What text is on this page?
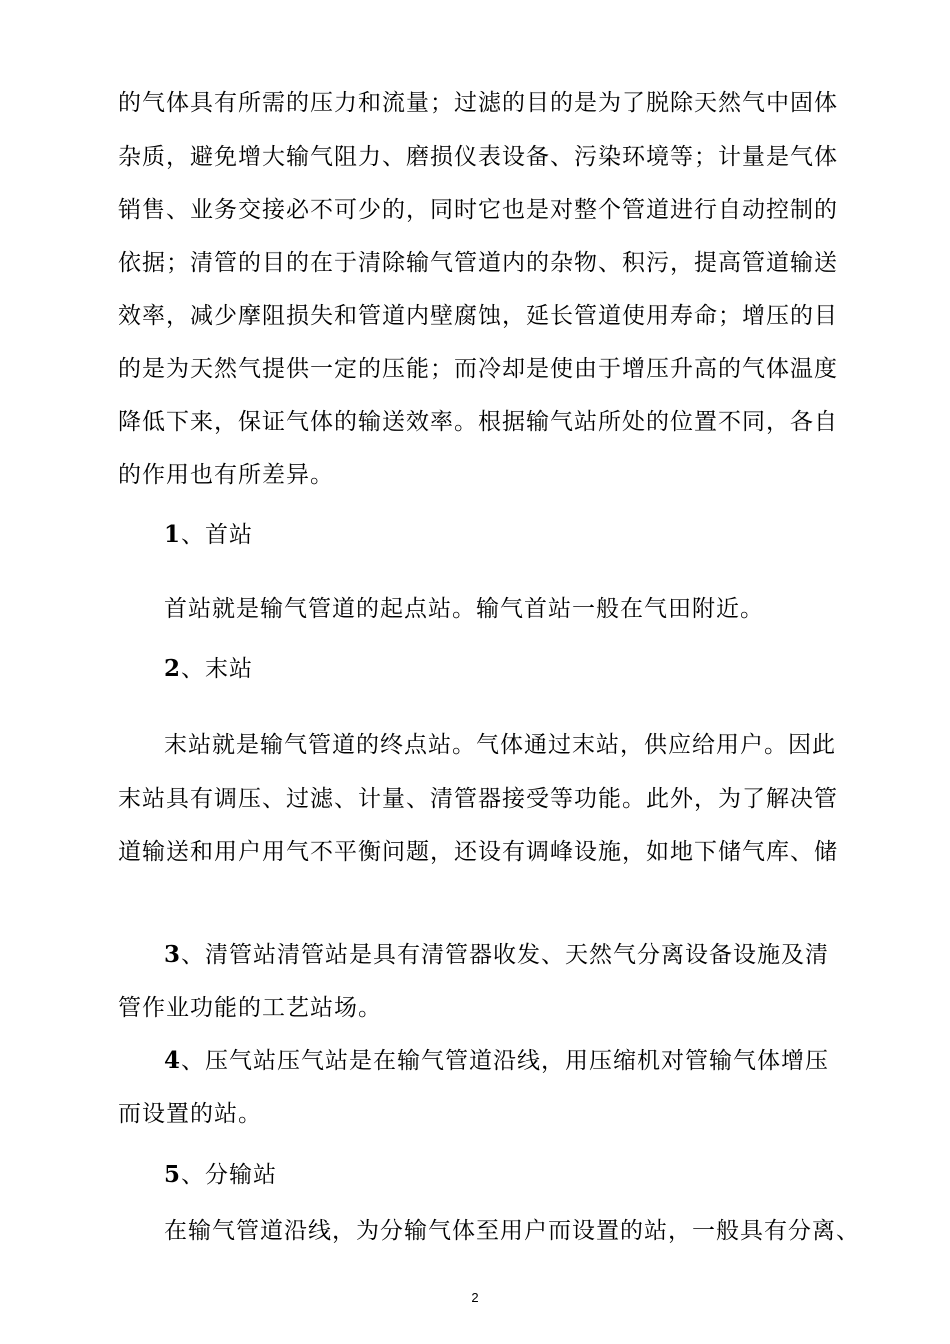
的气体具有所需的压力和流量；过滤的目的是为了脱除天然气中固体
杂质，避免增大输气阻力、磨损仪表设备、污染环境等；计量是气体
销售、业务交接必不可少的，同时它也是对整个管道进行自动控制的
依据；清管的目的在于清除输气管道内的杂物、积污，提高管道输送
效率，减少摩阻损失和管道内壁腐蚀，延长管道使用寿命；增压的目
的是为天然气提供一定的压能；而冷却是使由于增压升高的气体温度
降低下来，保证气体的输送效率。根据输气站所处的位置不同，各自
的作用也有所差异。
1、首站
首站就是输气管道的起点站。输气首站一般在气田附近。
2、末站
末站就是输气管道的终点站。气体通过末站，供应给用户。因此
末站具有调压、过滤、计量、清管器接受等功能。此外，为了解决管
道输送和用户用气不平衡问题，还设有调峰设施，如地下储气库、储
3、清管站清管站是具有清管器收发、天然气分离设备设施及清
管作业功能的工艺站场。
4、压气站压气站是在输气管道沿线，用压缩机对管输气体增压
而设置的站。
5、分输站
在输气管道沿线，为分输气体至用户而设置的站，一般具有分离、
2
